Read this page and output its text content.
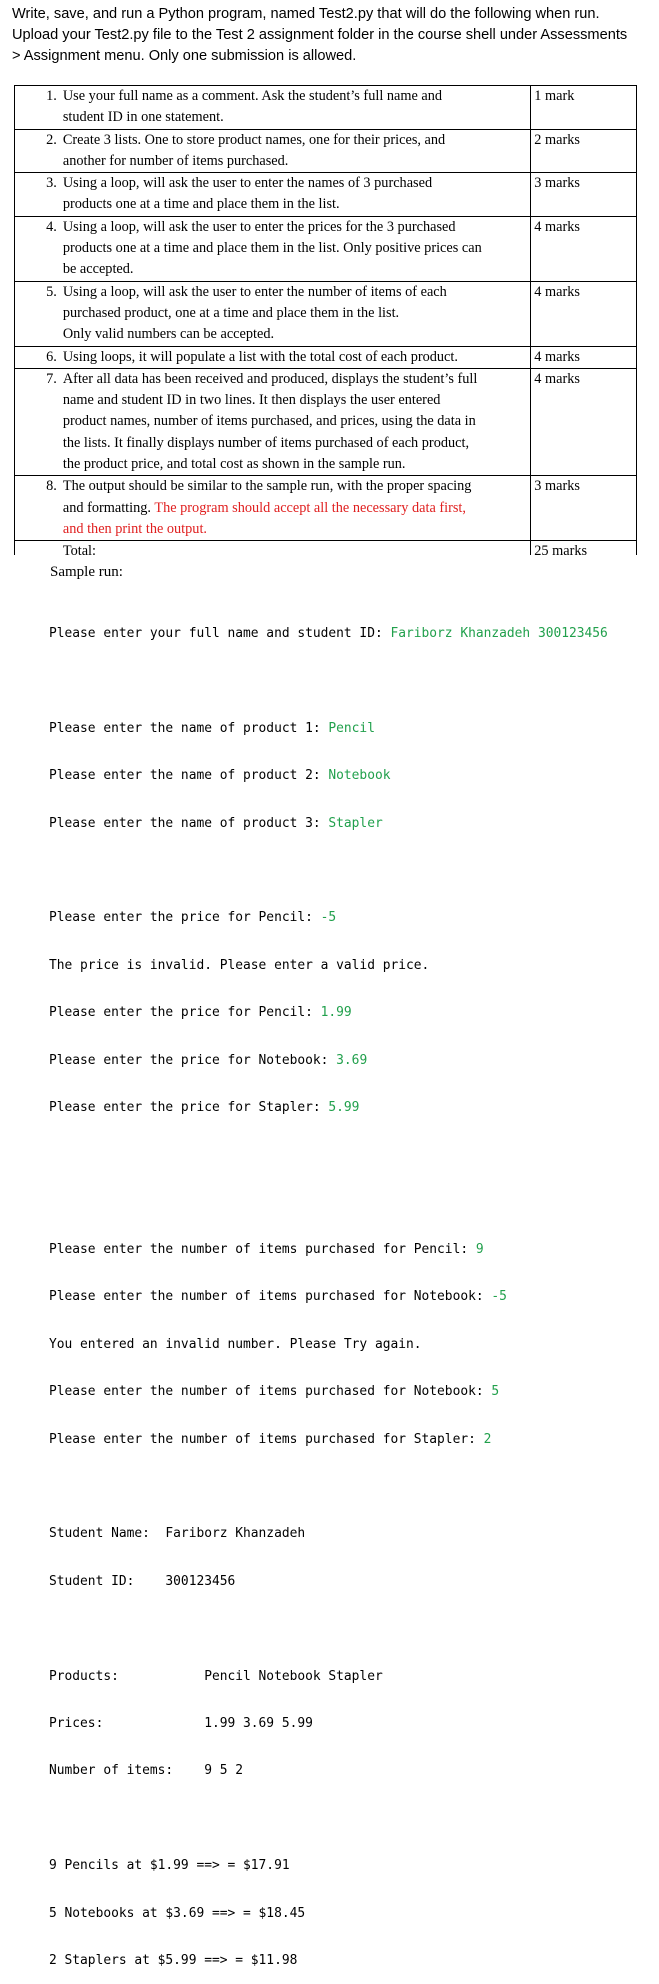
Write, save, and run a Python program, named Test2.py that will do the following when run.
Upload your Test2.py file to the Test 2 assignment folder in the course shell under Assessments
> Assignment menu. Only one submission is allowed.
1.	Use your full name as a comment. Ask the student’s full name and
student ID in one statement.	1 mark
2.	Create 3 lists. One to store product names, one for their prices, and
another for number of items purchased.	2 marks
3.	Using a loop, will ask the user to enter the names of 3 purchased
products one at a time and place them in the list.	3 marks
4.	Using a loop, will ask the user to enter the prices for the 3 purchased
products one at a time and place them in the list. Only positive prices can
be accepted.	4 marks
5.	Using a loop, will ask the user to enter the number of items of each
purchased product, one at a time and place them in the list.
Only valid numbers can be accepted.	4 marks
6.	Using loops, it will populate a list with the total cost of each product.	4 marks
7.	After all data has been received and produced, displays the student’s full
name and student ID in two lines. It then displays the user entered
product names, number of items purchased, and prices, using the data in
the lists. It finally displays number of items purchased of each product,
the product price, and total cost as shown in the sample run.	4 marks
8.	The output should be similar to the sample run, with the proper spacing
and formatting. The program should accept all the necessary data first,
and then print the output.	3 marks

	Total:	25 marks
Sample run:

Please enter your full name and student ID: Fariborz Khanzadeh 300123456

Please enter the name of product 1: Pencil

Please enter the name of product 2: Notebook

Please enter the name of product 3: Stapler

Please enter the price for Pencil: -5

The price is invalid. Please enter a valid price.

Please enter the price for Pencil: 1.99

Please enter the price for Notebook: 3.69

Please enter the price for Stapler: 5.99

Please enter the number of items purchased for Pencil: 9

Please enter the number of items purchased for Notebook: -5

You entered an invalid number. Please Try again.

Please enter the number of items purchased for Notebook: 5

Please enter the number of items purchased for Stapler: 2

Student Name:  Fariborz Khanzadeh

Student ID:    300123456

Products:           Pencil Notebook Stapler

Prices:             1.99 3.69 5.99

Number of items:    9 5 2

9 Pencils at $1.99 ==> = $17.91

5 Notebooks at $3.69 ==> = $18.45

2 Staplers at $5.99 ==> = $11.98
